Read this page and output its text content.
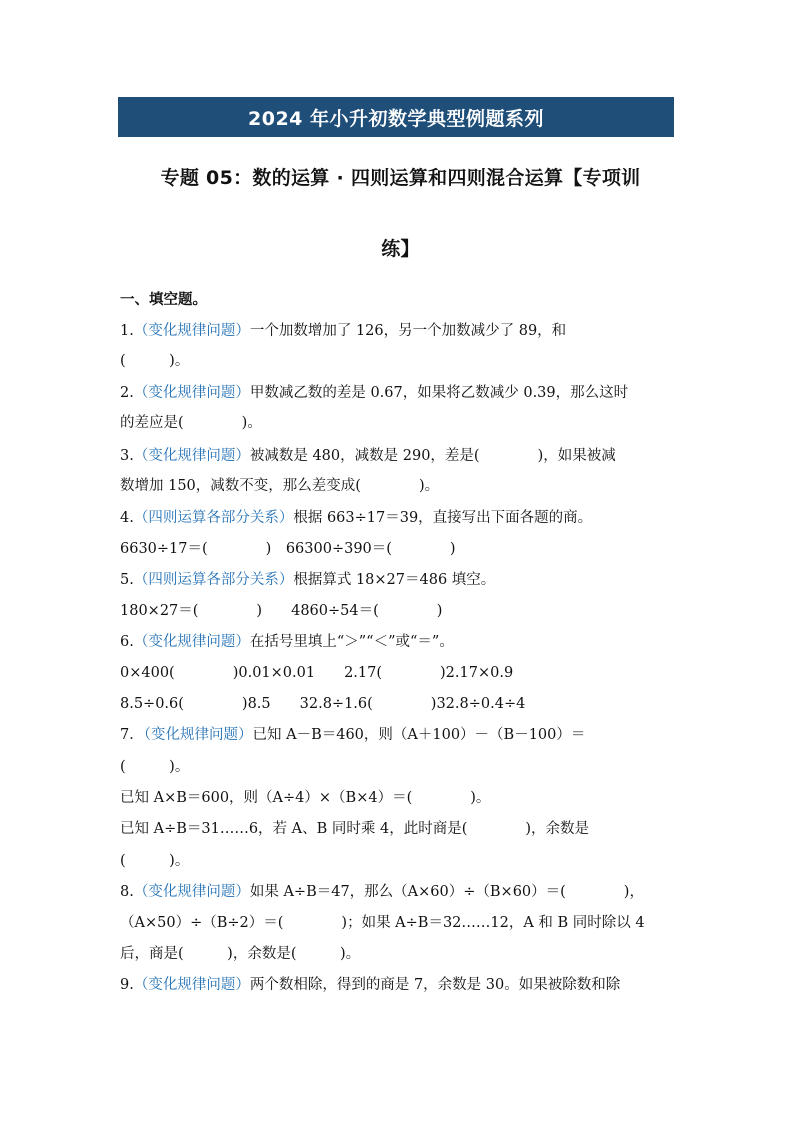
2024 年小升初数学典型例题系列
专题 05：数的运算 · 四则运算和四则混合运算【专项训
练】
一、填空题。
1.（变化规律问题）一个加数增加了 126，另一个加数减少了 89，和
(　　　)。
2.（变化规律问题）甲数减乙数的差是 0.67，如果将乙数减少 0.39，那么这时
的差应是(　　　　)。
3.（变化规律问题）被减数是 480，减数是 290，差是(　　　　)，如果被减
数增加 150，减数不变，那么差变成(　　　　)。
4.（四则运算各部分关系）根据 663÷17＝39，直接写出下面各题的商。
6630÷17＝(　　　　)　66300÷390＝(　　　　)
5.（四则运算各部分关系）根据算式 18×27＝486 填空。
180×27＝(　　　　)　　4860÷54＝(　　　　)
6.（变化规律问题）在括号里填上“＞”“＜”或“＝”。
0×400(　　　　)0.01×0.01　　2.17(　　　　)2.17×0.9
8.5÷0.6(　　　　)8.5　　32.8÷1.6(　　　　)32.8÷0.4÷4
7．（变化规律问题）已知 A－B＝460，则（A＋100）－（B－100）＝
(　　　)。
已知 A×B＝600，则（A÷4）×（B×4）＝(　　　　)。
已知 A÷B＝31……6，若 A、B 同时乘 4，此时商是(　　　　)，余数是
(　　　)。
8.（变化规律问题）如果 A÷B＝47，那么（A×60）÷（B×60）＝(　　　　)，
（A×50）÷（B÷2）＝(　　　　)；如果 A÷B＝32……12，A 和 B 同时除以 4
后，商是(　　　)，余数是(　　　)。
9.（变化规律问题）两个数相除，得到的商是 7，余数是 30。如果被除数和除
